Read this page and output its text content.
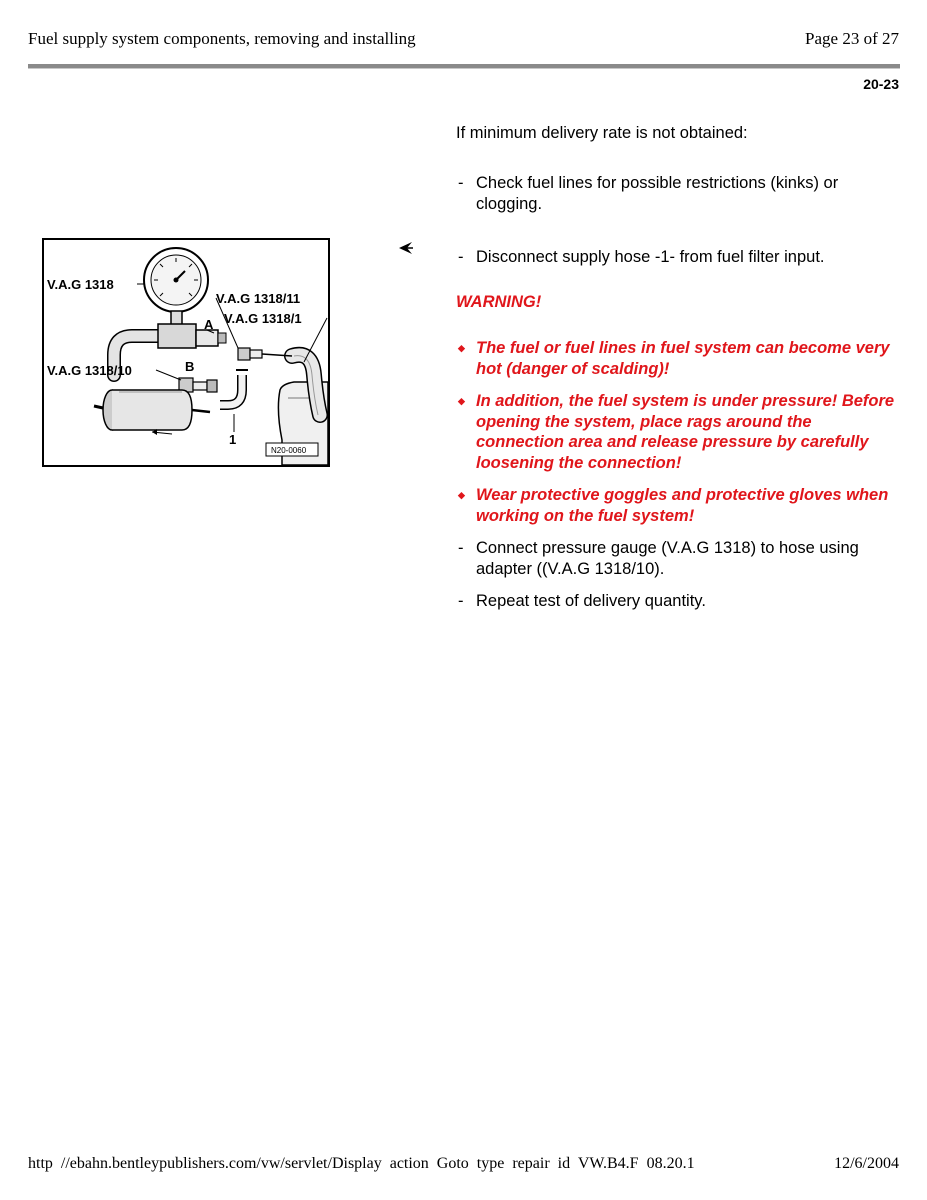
Fuel supply system components, removing and installing	Page 23 of 27
20-23
V.A.G 1318
V.A.G 1318/11
V.A.G 1318/1
V.A.G 1318/10
A
B
1
N20-0060
If minimum delivery rate is not obtained:
- Check fuel lines for possible restrictions (kinks) or clogging.
- Disconnect supply hose -1- from fuel filter input.
WARNING!
◆ The fuel or fuel lines in fuel system can become very hot (danger of scalding)!
◆ In addition, the fuel system is under pressure! Before opening the system, place rags around the connection area and release pressure by carefully loosening the connection!
◆ Wear protective goggles and protective gloves when working on the fuel system!
- Connect pressure gauge (V.A.G 1318) to hose using adapter ((V.A.G 1318/10).
- Repeat test of delivery quantity.
http //ebahn.bentleypublishers.com/vw/servlet/Display action Goto type repair id VW.B4.F 08.20.1	12/6/2004
